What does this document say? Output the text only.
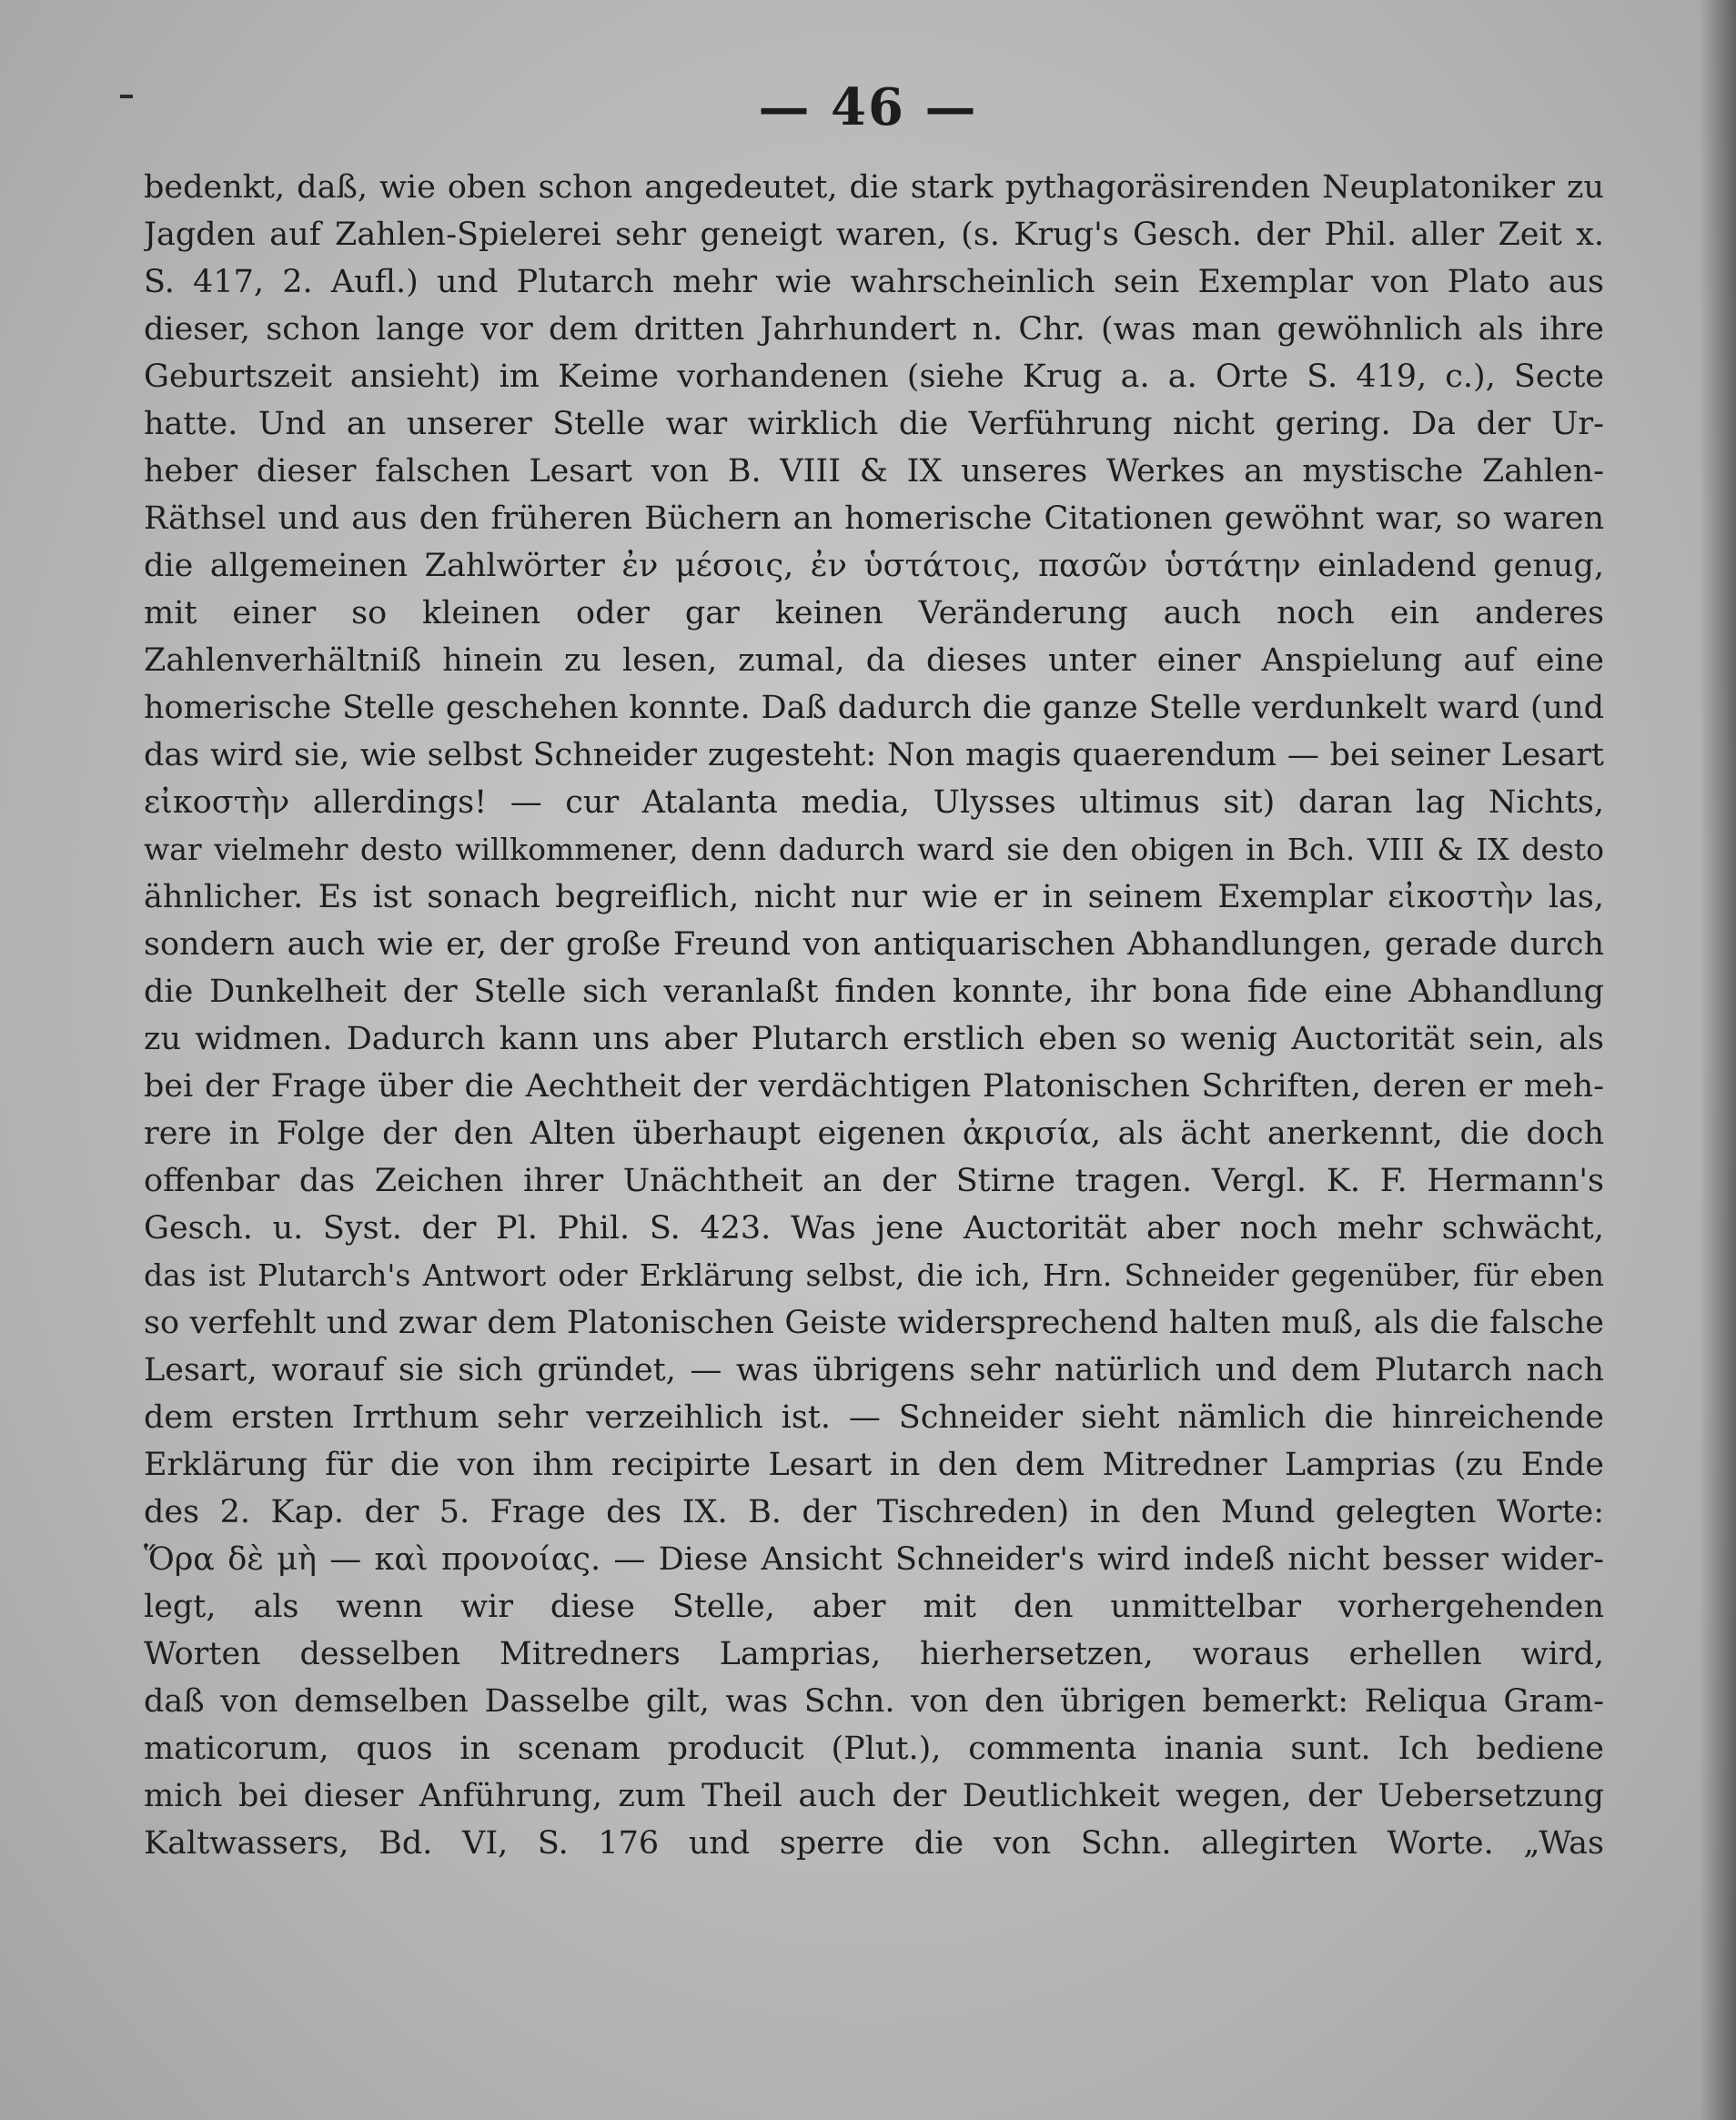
— 46 —
bedenkt, daß, wie oben schon angedeutet, die stark pythagoräsirenden Neuplatoniker zu
Jagden auf Zahlen-Spielerei sehr geneigt waren, (s. Krug's Gesch. der Phil. aller Zeit x.
S. 417, 2. Aufl.) und Plutarch mehr wie wahrscheinlich sein Exemplar von Plato aus
dieser, schon lange vor dem dritten Jahrhundert n. Chr. (was man gewöhnlich als ihre
Geburtszeit ansieht) im Keime vorhandenen (siehe Krug a. a. Orte S. 419, c.), Secte
hatte. Und an unserer Stelle war wirklich die Verführung nicht gering. Da der Ur-
heber dieser falschen Lesart von B. VIII & IX unseres Werkes an mystische Zahlen-
Räthsel und aus den früheren Büchern an homerische Citationen gewöhnt war, so waren
die allgemeinen Zahlwörter ἐν μέσοις, ἐν ὑστάτοις, πασῶν ὑστάτην einladend genug,
mit einer so kleinen oder gar keinen Veränderung auch noch ein anderes
Zahlenverhältniß hinein zu lesen, zumal, da dieses unter einer Anspielung auf eine
homerische Stelle geschehen konnte. Daß dadurch die ganze Stelle verdunkelt ward (und
das wird sie, wie selbst Schneider zugesteht: Non magis quaerendum — bei seiner Lesart
εἰκοστὴν allerdings! — cur Atalanta media, Ulysses ultimus sit) daran lag Nichts,
war vielmehr desto willkommener, denn dadurch ward sie den obigen in Bch. VIII & IX desto
ähnlicher. Es ist sonach begreiflich, nicht nur wie er in seinem Exemplar εἰκοστὴν las,
sondern auch wie er, der große Freund von antiquarischen Abhandlungen, gerade durch
die Dunkelheit der Stelle sich veranlaßt finden konnte, ihr bona fide eine Abhandlung
zu widmen. Dadurch kann uns aber Plutarch erstlich eben so wenig Auctorität sein, als
bei der Frage über die Aechtheit der verdächtigen Platonischen Schriften, deren er meh-
rere in Folge der den Alten überhaupt eigenen ἀκρισία, als ächt anerkennt, die doch
offenbar das Zeichen ihrer Unächtheit an der Stirne tragen. Vergl. K. F. Hermann's
Gesch. u. Syst. der Pl. Phil. S. 423. Was jene Auctorität aber noch mehr schwächt,
das ist Plutarch's Antwort oder Erklärung selbst, die ich, Hrn. Schneider gegenüber, für eben
so verfehlt und zwar dem Platonischen Geiste widersprechend halten muß, als die falsche
Lesart, worauf sie sich gründet, — was übrigens sehr natürlich und dem Plutarch nach
dem ersten Irrthum sehr verzeihlich ist. — Schneider sieht nämlich die hinreichende
Erklärung für die von ihm recipirte Lesart in den dem Mitredner Lamprias (zu Ende
des 2. Kap. der 5. Frage des IX. B. der Tischreden) in den Mund gelegten Worte:
Ὅρα δὲ μὴ — καὶ προνοίας. — Diese Ansicht Schneider's wird indeß nicht besser wider-
legt, als wenn wir diese Stelle, aber mit den unmittelbar vorhergehenden
Worten desselben Mitredners Lamprias, hierhersetzen, woraus erhellen wird,
daß von demselben Dasselbe gilt, was Schn. von den übrigen bemerkt: Reliqua Gram-
maticorum, quos in scenam producit (Plut.), commenta inania sunt. Ich bediene
mich bei dieser Anführung, zum Theil auch der Deutlichkeit wegen, der Uebersetzung
Kaltwassers, Bd. VI, S. 176 und sperre die von Schn. allegirten Worte. „Was
